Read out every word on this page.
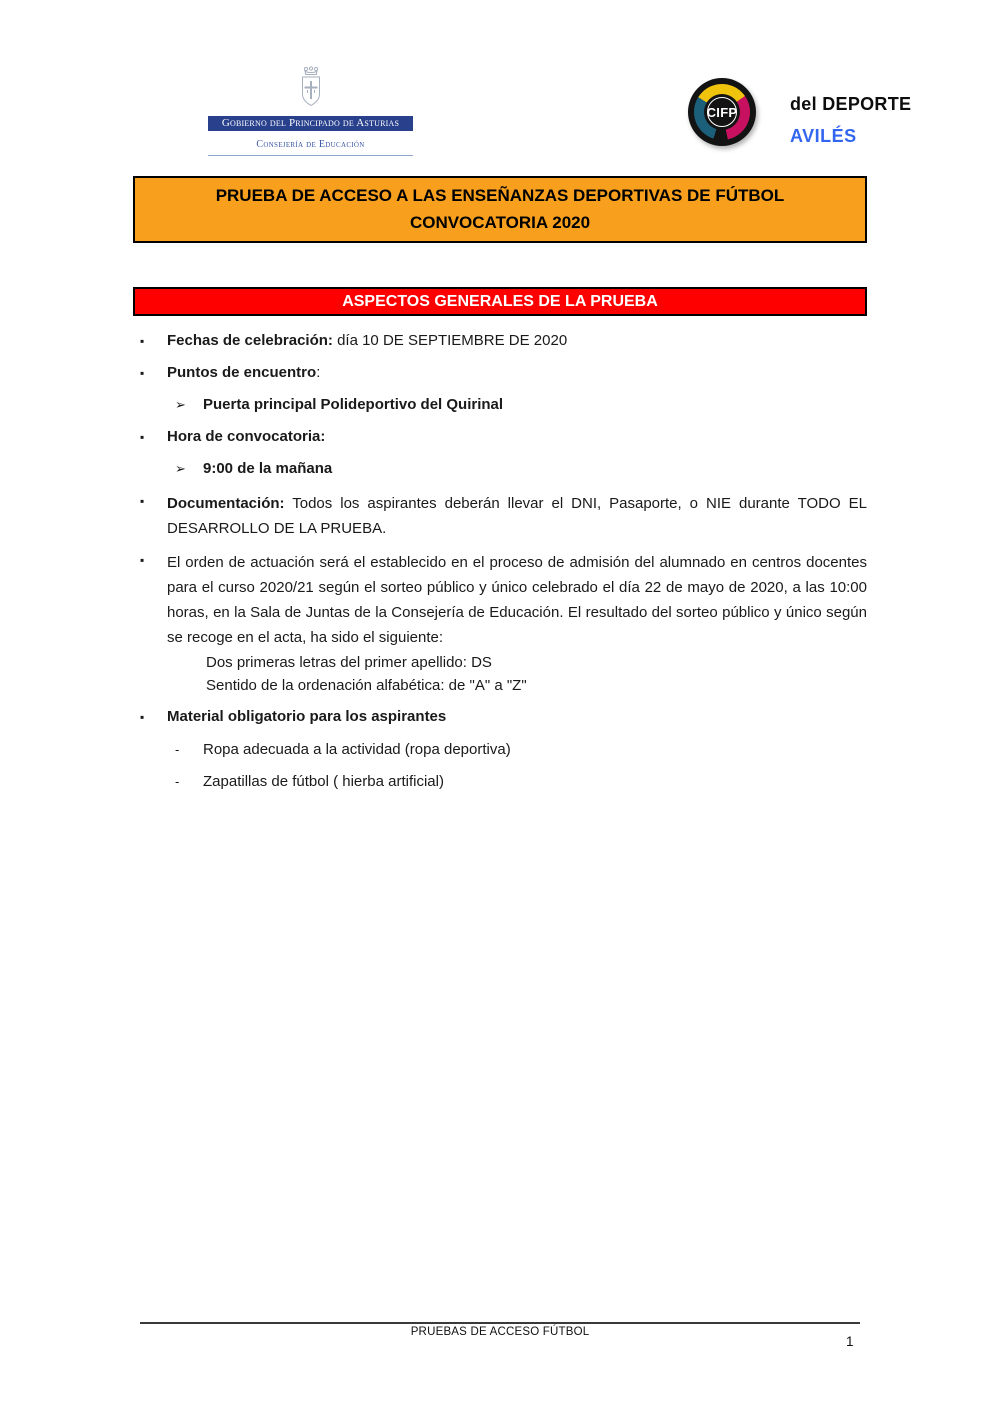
Gobierno del Principado de Asturias
Consejería de Educación
CIFP	del DEPORTE
AVILÉS
PRUEBA DE ACCESO A LAS ENSEÑANZAS DEPORTIVAS DE FÚTBOL
CONVOCATORIA 2020
ASPECTOS GENERALES DE LA PRUEBA
▪	Fechas de celebración: día 10 DE SEPTIEMBRE DE 2020

▪	Puntos de encuentro:

➢	Puerta principal Polideportivo del Quirinal

▪	Hora de convocatoria:

➢	9:00 de la mañana

▪	Documentación: Todos los aspirantes deberán llevar el DNI, Pasaporte, o NIE durante TODO EL DESARROLLO DE LA PRUEBA.

▪	El orden de actuación será el establecido en el proceso de admisión del alumnado en centros docentes para el curso 2020/21 según el sorteo público y único celebrado el día 22 de mayo de 2020, a las 10:00 horas, en la Sala de Juntas de la Consejería de Educación. El resultado del sorteo público y único según se recoge en el acta, ha sido el siguiente:

Dos primeras letras del primer apellido: DS
Sentido de la ordenación alfabética: de "A" a "Z"
▪	Material obligatorio para los aspirantes

-	Ropa adecuada a la actividad (ropa deportiva)

-	Zapatillas de fútbol ( hierba artificial)

PRUEBAS DE ACCESO FÚTBOL
1
